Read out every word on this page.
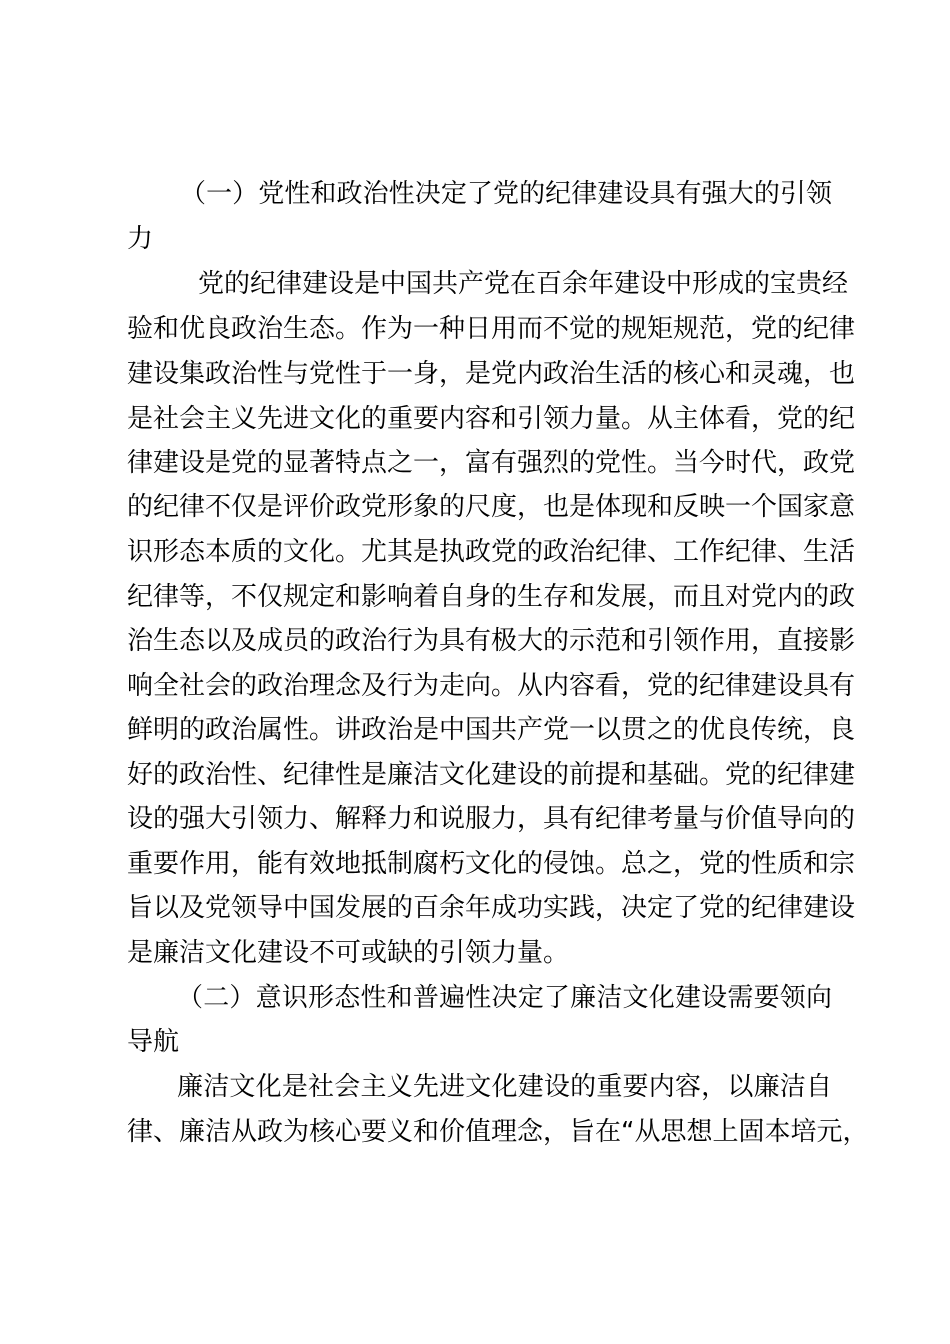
（一）党性和政治性决定了党的纪律建设具有强大的引领
力
党的纪律建设是中国共产党在百余年建设中形成的宝贵经
验和优良政治生态。作为一种日用而不觉的规矩规范，党的纪律
建设集政治性与党性于一身，是党内政治生活的核心和灵魂，也
是社会主义先进文化的重要内容和引领力量。从主体看，党的纪
律建设是党的显著特点之一，富有强烈的党性。当今时代，政党
的纪律不仅是评价政党形象的尺度，也是体现和反映一个国家意
识形态本质的文化。尤其是执政党的政治纪律、工作纪律、生活
纪律等，不仅规定和影响着自身的生存和发展，而且对党内的政
治生态以及成员的政治行为具有极大的示范和引领作用，直接影
响全社会的政治理念及行为走向。从内容看，党的纪律建设具有
鲜明的政治属性。讲政治是中国共产党一以贯之的优良传统，良
好的政治性、纪律性是廉洁文化建设的前提和基础。党的纪律建
设的强大引领力、解释力和说服力，具有纪律考量与价值导向的
重要作用，能有效地抵制腐朽文化的侵蚀。总之，党的性质和宗
旨以及党领导中国发展的百余年成功实践，决定了党的纪律建设
是廉洁文化建设不可或缺的引领力量。
（二）意识形态性和普遍性决定了廉洁文化建设需要领向
导航
廉洁文化是社会主义先进文化建设的重要内容，以廉洁自
律、廉洁从政为核心要义和价值理念，旨在“从思想上固本培元，
